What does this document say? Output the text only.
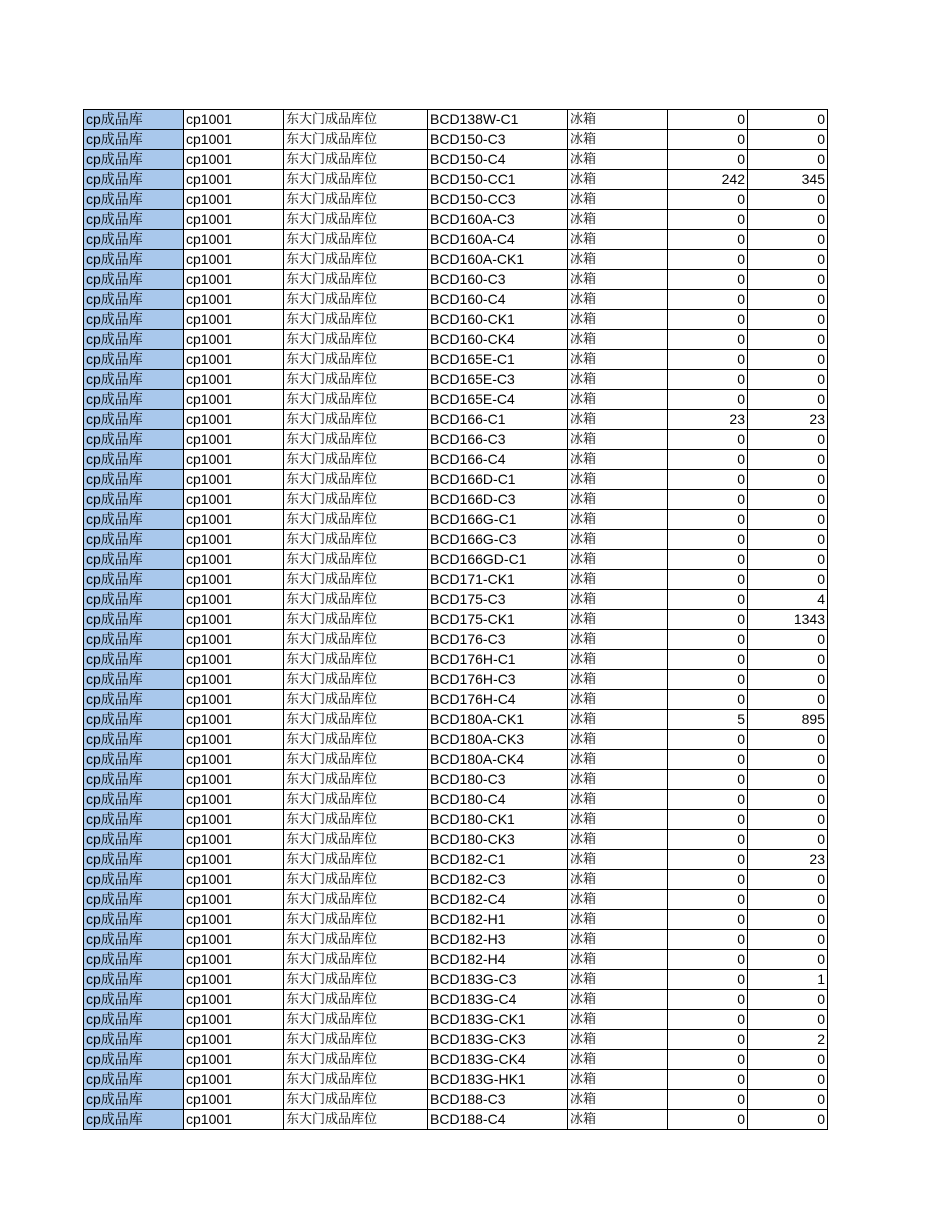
cp成品库	cp1001	东大门成品库位	BCD138W-C1	冰箱	0	0
cp成品库	cp1001	东大门成品库位	BCD150-C3	冰箱	0	0
cp成品库	cp1001	东大门成品库位	BCD150-C4	冰箱	0	0
cp成品库	cp1001	东大门成品库位	BCD150-CC1	冰箱	242	345
cp成品库	cp1001	东大门成品库位	BCD150-CC3	冰箱	0	0
cp成品库	cp1001	东大门成品库位	BCD160A-C3	冰箱	0	0
cp成品库	cp1001	东大门成品库位	BCD160A-C4	冰箱	0	0
cp成品库	cp1001	东大门成品库位	BCD160A-CK1	冰箱	0	0
cp成品库	cp1001	东大门成品库位	BCD160-C3	冰箱	0	0
cp成品库	cp1001	东大门成品库位	BCD160-C4	冰箱	0	0
cp成品库	cp1001	东大门成品库位	BCD160-CK1	冰箱	0	0
cp成品库	cp1001	东大门成品库位	BCD160-CK4	冰箱	0	0
cp成品库	cp1001	东大门成品库位	BCD165E-C1	冰箱	0	0
cp成品库	cp1001	东大门成品库位	BCD165E-C3	冰箱	0	0
cp成品库	cp1001	东大门成品库位	BCD165E-C4	冰箱	0	0
cp成品库	cp1001	东大门成品库位	BCD166-C1	冰箱	23	23
cp成品库	cp1001	东大门成品库位	BCD166-C3	冰箱	0	0
cp成品库	cp1001	东大门成品库位	BCD166-C4	冰箱	0	0
cp成品库	cp1001	东大门成品库位	BCD166D-C1	冰箱	0	0
cp成品库	cp1001	东大门成品库位	BCD166D-C3	冰箱	0	0
cp成品库	cp1001	东大门成品库位	BCD166G-C1	冰箱	0	0
cp成品库	cp1001	东大门成品库位	BCD166G-C3	冰箱	0	0
cp成品库	cp1001	东大门成品库位	BCD166GD-C1	冰箱	0	0
cp成品库	cp1001	东大门成品库位	BCD171-CK1	冰箱	0	0
cp成品库	cp1001	东大门成品库位	BCD175-C3	冰箱	0	4
cp成品库	cp1001	东大门成品库位	BCD175-CK1	冰箱	0	1343
cp成品库	cp1001	东大门成品库位	BCD176-C3	冰箱	0	0
cp成品库	cp1001	东大门成品库位	BCD176H-C1	冰箱	0	0
cp成品库	cp1001	东大门成品库位	BCD176H-C3	冰箱	0	0
cp成品库	cp1001	东大门成品库位	BCD176H-C4	冰箱	0	0
cp成品库	cp1001	东大门成品库位	BCD180A-CK1	冰箱	5	895
cp成品库	cp1001	东大门成品库位	BCD180A-CK3	冰箱	0	0
cp成品库	cp1001	东大门成品库位	BCD180A-CK4	冰箱	0	0
cp成品库	cp1001	东大门成品库位	BCD180-C3	冰箱	0	0
cp成品库	cp1001	东大门成品库位	BCD180-C4	冰箱	0	0
cp成品库	cp1001	东大门成品库位	BCD180-CK1	冰箱	0	0
cp成品库	cp1001	东大门成品库位	BCD180-CK3	冰箱	0	0
cp成品库	cp1001	东大门成品库位	BCD182-C1	冰箱	0	23
cp成品库	cp1001	东大门成品库位	BCD182-C3	冰箱	0	0
cp成品库	cp1001	东大门成品库位	BCD182-C4	冰箱	0	0
cp成品库	cp1001	东大门成品库位	BCD182-H1	冰箱	0	0
cp成品库	cp1001	东大门成品库位	BCD182-H3	冰箱	0	0
cp成品库	cp1001	东大门成品库位	BCD182-H4	冰箱	0	0
cp成品库	cp1001	东大门成品库位	BCD183G-C3	冰箱	0	1
cp成品库	cp1001	东大门成品库位	BCD183G-C4	冰箱	0	0
cp成品库	cp1001	东大门成品库位	BCD183G-CK1	冰箱	0	0
cp成品库	cp1001	东大门成品库位	BCD183G-CK3	冰箱	0	2
cp成品库	cp1001	东大门成品库位	BCD183G-CK4	冰箱	0	0
cp成品库	cp1001	东大门成品库位	BCD183G-HK1	冰箱	0	0
cp成品库	cp1001	东大门成品库位	BCD188-C3	冰箱	0	0
cp成品库	cp1001	东大门成品库位	BCD188-C4	冰箱	0	0
